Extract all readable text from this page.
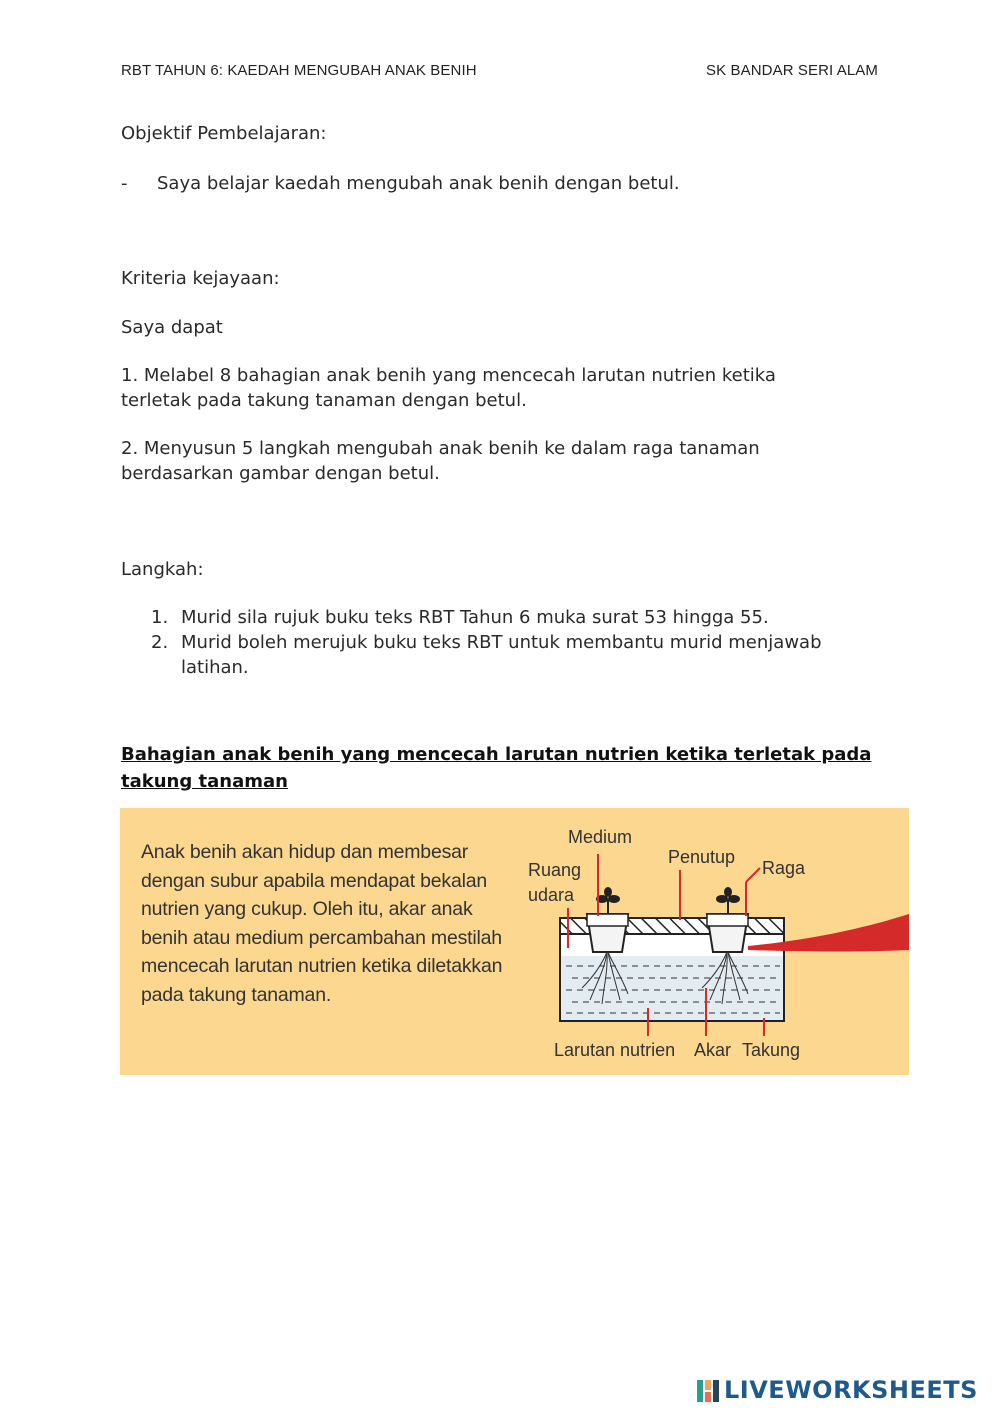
RBT TAHUN 6: KAEDAH MENGUBAH ANAK BENIH	SK BANDAR SERI ALAM
Objektif Pembelajaran:
- Saya belajar kaedah mengubah anak benih dengan betul.
Kriteria kejayaan:
Saya dapat
1. Melabel 8 bahagian anak benih yang mencecah larutan nutrien ketika
terletak pada takung tanaman dengan betul.
2. Menyusun 5 langkah mengubah anak benih ke dalam raga tanaman
berdasarkan gambar dengan betul.
Langkah:
1. Murid sila rujuk buku teks RBT Tahun 6 muka surat 53 hingga 55.
2. Murid boleh merujuk buku teks RBT untuk membantu murid menjawab
latihan.
Bahagian anak benih yang mencecah larutan nutrien ketika terletak pada
takung tanaman
Anak benih akan hidup dan membesar
dengan subur apabila mendapat bekalan
nutrien yang cukup. Oleh itu, akar anak
benih atau medium percambahan mestilah
mencecah larutan nutrien ketika diletakkan
pada takung tanaman.
Medium
Ruang
udara
Penutup
Raga
Larutan nutrien Akar Takung
LIVEWORKSHEETS
